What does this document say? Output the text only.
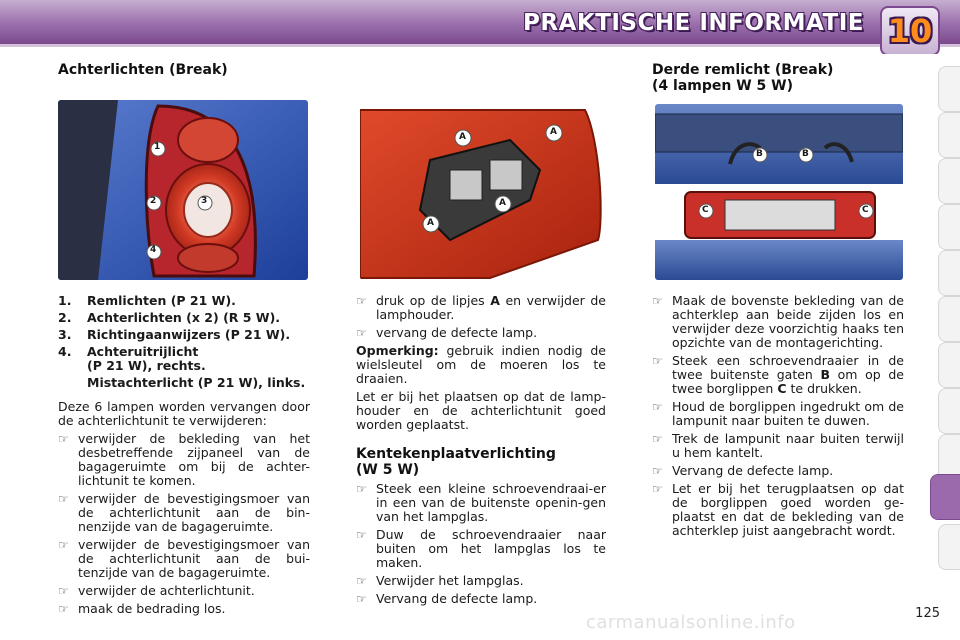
PRAKTISCHE INFORMATIE 10
Achterlichten (Break)
1
2	3
4
1. Remlichten (P 21 W).
2. Achterlichten (x 2) (R 5 W).
3. Richtingaanwijzers (P 21 W).
4. Achteruitrijlicht
(P 21 W), rechts.
Mistachterlicht (P 21 W), links.

Deze 6 lampen worden vervangen door de achterlichtunit te verwijderen:

☞ verwijder de bekleding van het desbetreffende zijpaneel van de bagageruimte om bij de achter-lichtunit te komen.
☞ verwijder de bevestigingsmoer van de achterlichtunit aan de bin-nenzijde van de bagageruimte.
☞ verwijder de bevestigingsmoer van de achterlichtunit aan de bui-tenzijde van de bagageruimte.
☞ verwijder de achterlichtunit.
☞ maak de bedrading los.
A	A
A
A
☞ druk op de lipjes A en verwijder de lamphouder.
☞ vervang de defecte lamp.

Opmerking: gebruik indien nodig de wielsleutel om de moeren los te draaien.

Let er bij het plaatsen op dat de lamp-houder en de achterlichtunit goed worden geplaatst.

Kentekenplaatverlichting
(W 5 W)
☞ Steek een kleine schroevendraai-er in een van de buitenste openin-gen van het lampglas.
☞ Duw de schroevendraaier naar buiten om het lampglas los te maken.
☞ Verwijder het lampglas.
☞ Vervang de defecte lamp.
Derde remlicht (Break)
(4 lampen W 5 W)
B	B
C	C
☞ Maak de bovenste bekleding van de achterklep aan beide zijden los en verwijder deze voorzichtig haaks ten opzichte van de montagerichting.
☞ Steek een schroevendraaier in de twee buitenste gaten B om op de twee borglippen C te drukken.
☞ Houd de borglippen ingedrukt om de lampunit naar buiten te duwen.
☞ Trek de lampunit naar buiten terwijl u hem kantelt.
☞ Vervang de defecte lamp.
☞ Let er bij het terugplaatsen op dat de borglippen goed worden ge-plaatst en dat de bekleding van de achterklep juist aangebracht wordt.
carmanualsonline.info	125
